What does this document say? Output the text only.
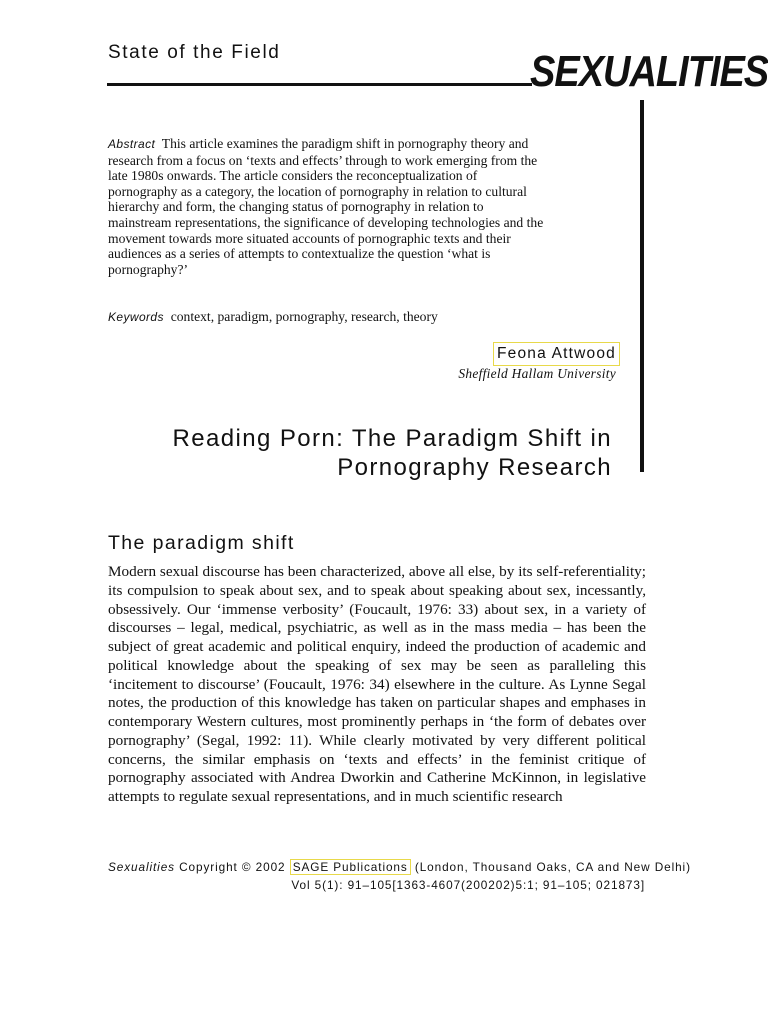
State of the Field	SEXUALITIES
Abstract This article examines the paradigm shift in pornography theory and research from a focus on ‘texts and effects’ through to work emerging from the late 1980s onwards. The article considers the reconceptualization of pornography as a category, the location of pornography in relation to cultural hierarchy and form, the changing status of pornography in relation to mainstream representations, the significance of developing technologies and the movement towards more situated accounts of pornographic texts and their audiences as a series of attempts to contextualize the question ‘what is pornography?’
Keywords context, paradigm, pornography, research, theory
Feona Attwood
Sheffield Hallam University
Reading Porn: The Paradigm Shift in
Pornography Research
The paradigm shift
Modern sexual discourse has been characterized, above all else, by its self-referentiality; its compulsion to speak about sex, and to speak about speaking about sex, incessantly, obsessively. Our ‘immense verbosity’ (Foucault, 1976: 33) about sex, in a variety of discourses – legal, medical, psychiatric, as well as in the mass media – has been the subject of great academic and political enquiry, indeed the production of academic and political knowledge about the speaking of sex may be seen as paralleling this ‘incitement to discourse’ (Foucault, 1976: 34) elsewhere in the culture. As Lynne Segal notes, the production of this knowledge has taken on particular shapes and emphases in contemporary Western cultures, most prominently perhaps in ‘the form of debates over pornography’ (Segal, 1992: 11). While clearly motivated by very different political concerns, the similar emphasis on ‘texts and effects’ in the feminist critique of pornography associated with Andrea Dworkin and Catherine McKinnon, in legislative attempts to regulate sexual representations, and in much scientific research
Sexualities Copyright © 2002 SAGE Publications (London, Thousand Oaks, CA and New Delhi)
Vol 5(1): 91–105[1363-4607(200202)5:1; 91–105; 021873]
